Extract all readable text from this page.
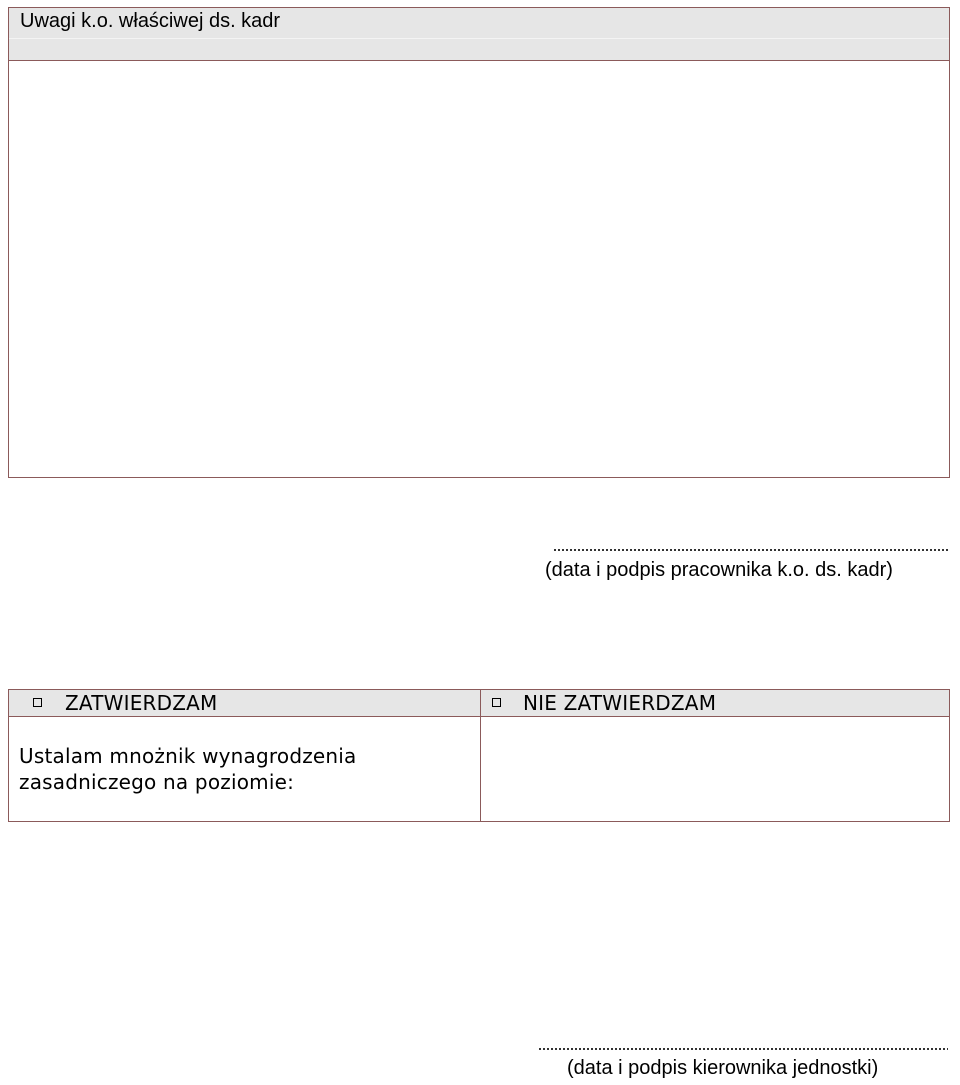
Uwagi k.o. właściwej ds. kadr
(data i podpis pracownika k.o. ds. kadr)
ZATWIERDZAM	NIE ZATWIERDZAM
Ustalam mnożnik wynagrodzenia
zasadniczego na poziomie:
(data i podpis kierownika jednostki)
